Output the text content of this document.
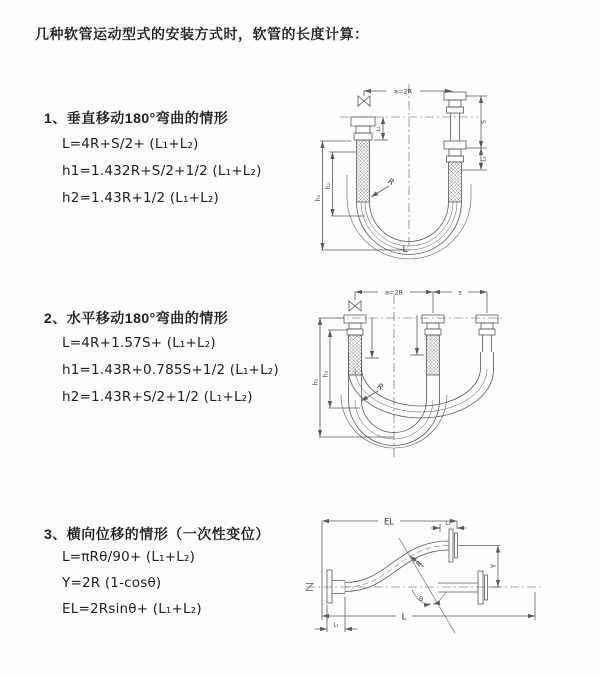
几种软管运动型式的安装方式时，软管的长度计算：
1、垂直移动180°弯曲的情形
L=4R+S/2+ (L₁+L₂)
h1=1.432R+S/2+1/2 (L₁+L₂)
h2=1.43R+1/2 (L₁+L₂)
2、水平移动180°弯曲的情形
L=4R+1.57S+ (L₁+L₂)
h1=1.43R+0.785S+1/2 (L₁+L₂)
h2=1.43R+S/2+1/2 (L₁+L₂)
3、横向位移的情形（一次性变位）
L=πRθ/90+ (L₁+L₂)
Y=2R (1-cosθ)
EL=2Rsinθ+ (L₁+L₂)
a=2R
h₁
h₂
L₁
S
L₂
R
L
a=2R	s
h₁
h₂
R
EL	L₂
L₁
Y
L
θ
R
